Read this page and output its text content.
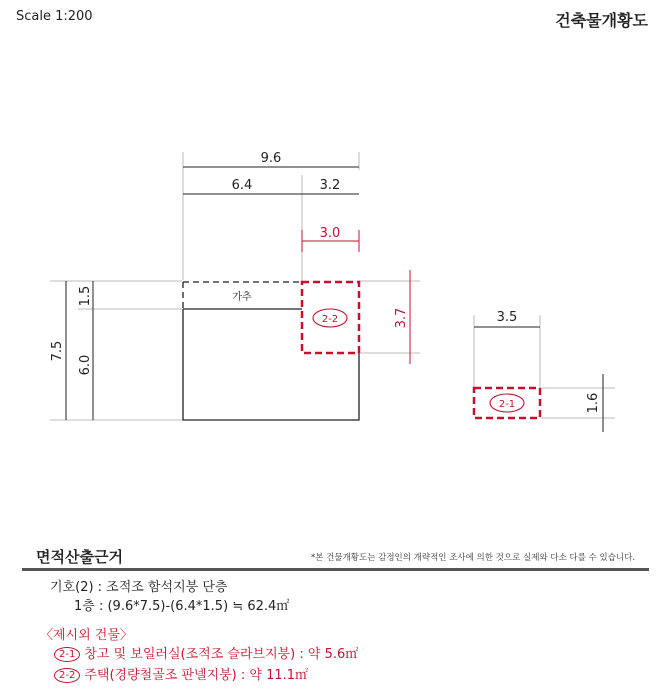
Scale 1:200	건축물개황도
9.6
6.4	3.2
3.5
7.5
1.5
6.0
1.6
3.0
3.7
가추
2-2
2-1
면적산출근거	*본 건물개황도는 감정인의 개략적인 조사에 의한 것으로 실제와 다소 다를 수 있습니다.
기호(2) : 조적조 함석지붕 단층
1층 : (9.6*7.5)-(6.4*1.5) ≒ 62.4㎡
〈제시외 건물〉
2-1 창고 및 보일러실(조적조 슬라브지붕) : 약 5.6㎡
2-2 주택(경량철골조 판넬지붕) : 약 11.1㎡
